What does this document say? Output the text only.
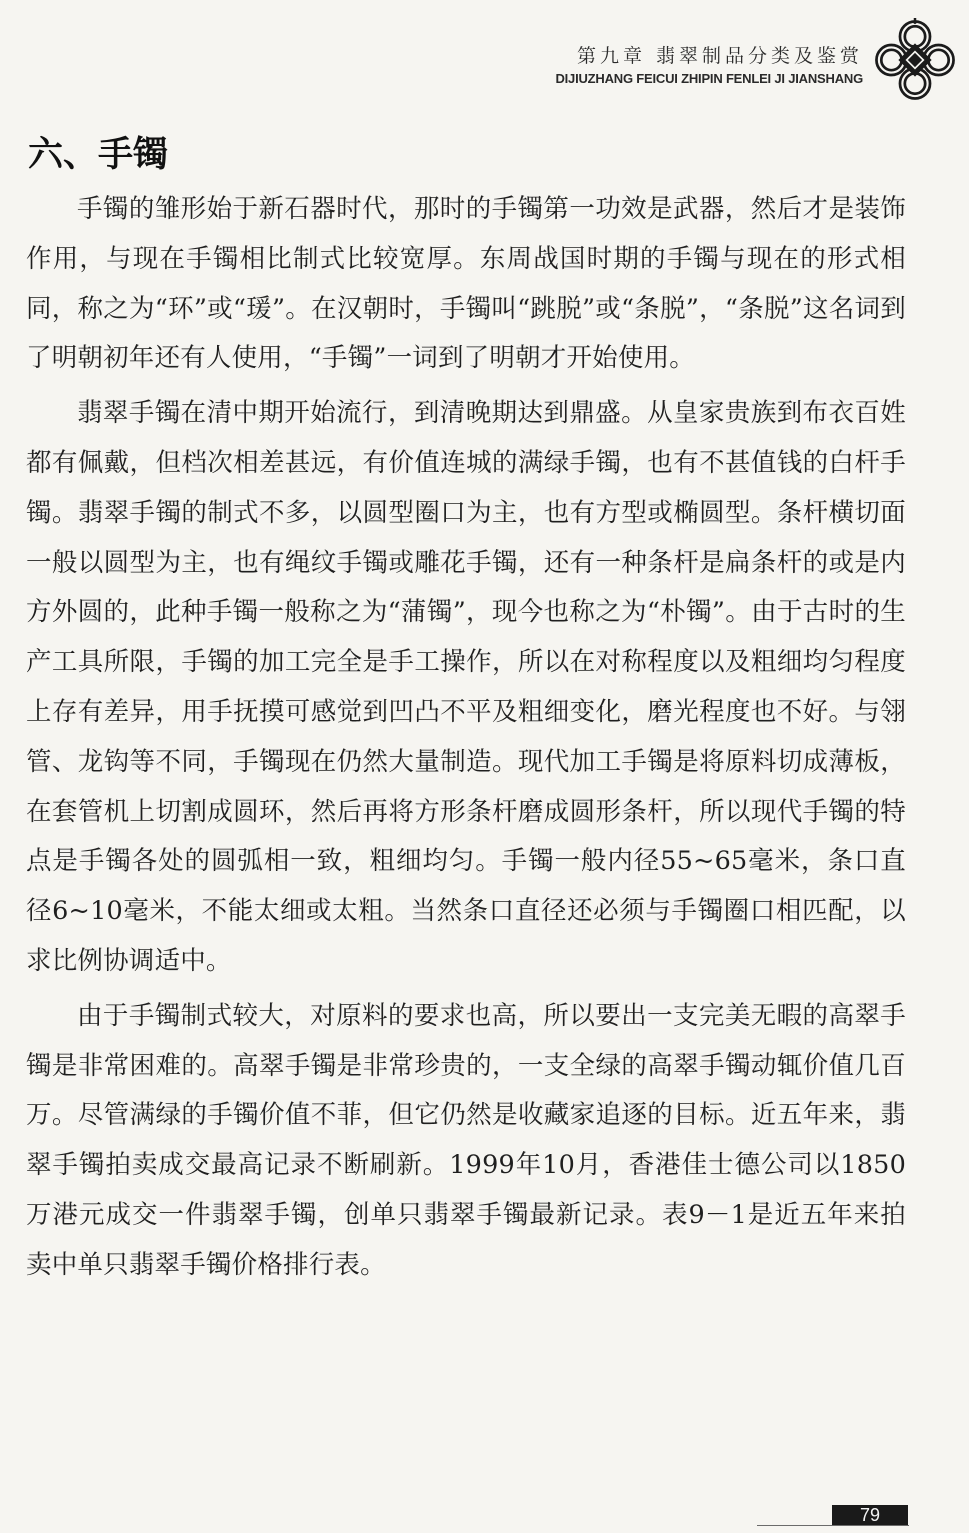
第九章 翡翠制品分类及鉴赏
DIJIUZHANG FEICUI ZHIPIN FENLEI JI JIANSHANG
六、手镯

手镯的雏形始于新石器时代，那时的手镯第一功效是武器，然后才是装饰作用，与现在手镯相比制式比较宽厚。东周战国时期的手镯与现在的形式相同，称之为“环”或“瑗”。在汉朝时，手镯叫“跳脱”或“条脱”，“条脱”这名词到了明朝初年还有人使用，“手镯”一词到了明朝才开始使用。

翡翠手镯在清中期开始流行，到清晚期达到鼎盛。从皇家贵族到布衣百姓都有佩戴，但档次相差甚远，有价值连城的满绿手镯，也有不甚值钱的白杆手镯。翡翠手镯的制式不多，以圆型圈口为主，也有方型或椭圆型。条杆横切面一般以圆型为主，也有绳纹手镯或雕花手镯，还有一种条杆是扁条杆的或是内方外圆的，此种手镯一般称之为“蒲镯”，现今也称之为“朴镯”。由于古时的生产工具所限，手镯的加工完全是手工操作，所以在对称程度以及粗细均匀程度上存有差异，用手抚摸可感觉到凹凸不平及粗细变化，磨光程度也不好。与翎管、龙钩等不同，手镯现在仍然大量制造。现代加工手镯是将原料切成薄板，在套管机上切割成圆环，然后再将方形条杆磨成圆形条杆，所以现代手镯的特点是手镯各处的圆弧相一致，粗细均匀。手镯一般内径55~65毫米，条口直径6~10毫米，不能太细或太粗。当然条口直径还必须与手镯圈口相匹配，以求比例协调适中。

由于手镯制式较大，对原料的要求也高，所以要出一支完美无暇的高翠手镯是非常困难的。高翠手镯是非常珍贵的，一支全绿的高翠手镯动辄价值几百万。尽管满绿的手镯价值不菲，但它仍然是收藏家追逐的目标。近五年来，翡翠手镯拍卖成交最高记录不断刷新。1999年10月，香港佳士德公司以1850万港元成交一件翡翠手镯，创单只翡翠手镯最新记录。表9－1是近五年来拍卖中单只翡翠手镯价格排行表。

79
